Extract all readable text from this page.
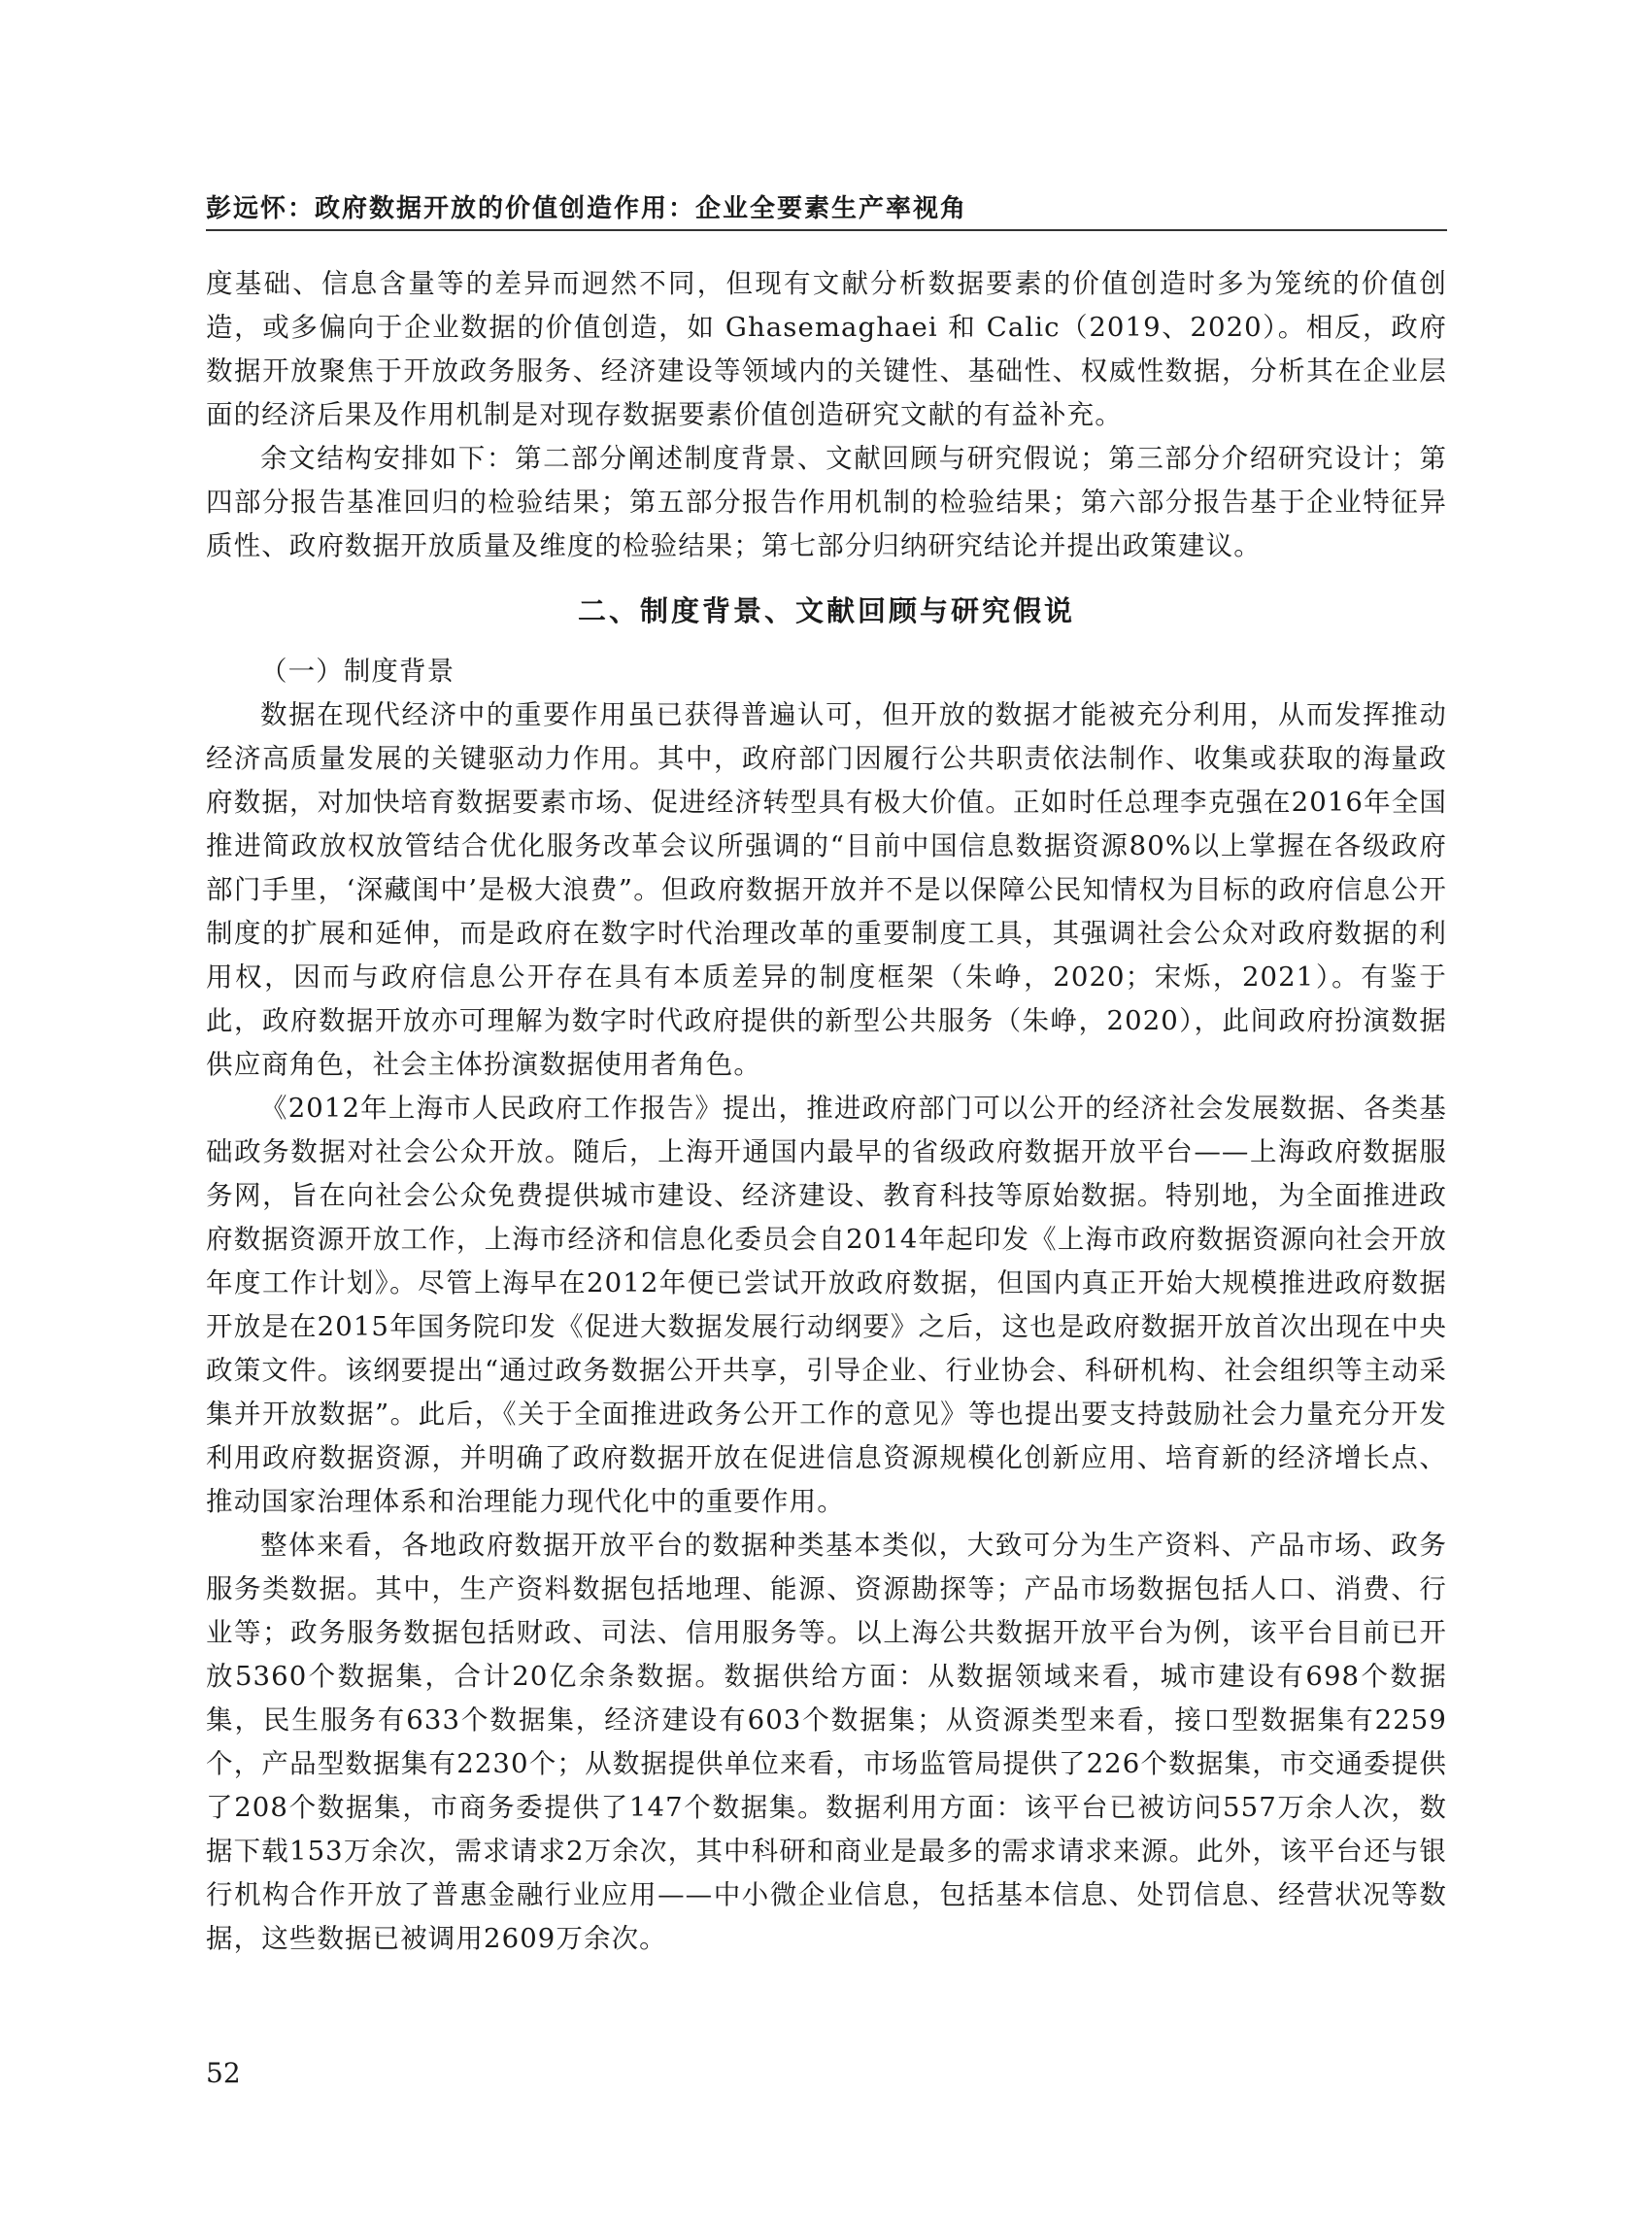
彭远怀：政府数据开放的价值创造作用：企业全要素生产率视角

度基础、信息含量等的差异而迥然不同，但现有文献分析数据要素的价值创造时多为笼统的价值创造，或多偏向于企业数据的价值创造，如 Ghasemaghaei 和 Calic（2019、2020）。相反，政府数据开放聚焦于开放政务服务、经济建设等领域内的关键性、基础性、权威性数据，分析其在企业层面的经济后果及作用机制是对现存数据要素价值创造研究文献的有益补充。

余文结构安排如下：第二部分阐述制度背景、文献回顾与研究假说；第三部分介绍研究设计；第四部分报告基准回归的检验结果；第五部分报告作用机制的检验结果；第六部分报告基于企业特征异质性、政府数据开放质量及维度的检验结果；第七部分归纳研究结论并提出政策建议。

二、制度背景、文献回顾与研究假说

（一）制度背景

数据在现代经济中的重要作用虽已获得普遍认可，但开放的数据才能被充分利用，从而发挥推动经济高质量发展的关键驱动力作用。其中，政府部门因履行公共职责依法制作、收集或获取的海量政府数据，对加快培育数据要素市场、促进经济转型具有极大价值。正如时任总理李克强在2016年全国推进简政放权放管结合优化服务改革会议所强调的“目前中国信息数据资源80%以上掌握在各级政府部门手里，‘深藏闺中’是极大浪费”。但政府数据开放并不是以保障公民知情权为目标的政府信息公开制度的扩展和延伸，而是政府在数字时代治理改革的重要制度工具，其强调社会公众对政府数据的利用权，因而与政府信息公开存在具有本质差异的制度框架（朱峥，2020；宋烁，2021）。有鉴于此，政府数据开放亦可理解为数字时代政府提供的新型公共服务（朱峥，2020），此间政府扮演数据供应商角色，社会主体扮演数据使用者角色。

《2012年上海市人民政府工作报告》提出，推进政府部门可以公开的经济社会发展数据、各类基础政务数据对社会公众开放。随后，上海开通国内最早的省级政府数据开放平台——上海政府数据服务网，旨在向社会公众免费提供城市建设、经济建设、教育科技等原始数据。特别地，为全面推进政府数据资源开放工作，上海市经济和信息化委员会自2014年起印发《上海市政府数据资源向社会开放年度工作计划》。尽管上海早在2012年便已尝试开放政府数据，但国内真正开始大规模推进政府数据开放是在2015年国务院印发《促进大数据发展行动纲要》之后，这也是政府数据开放首次出现在中央政策文件。该纲要提出“通过政务数据公开共享，引导企业、行业协会、科研机构、社会组织等主动采集并开放数据”。此后，《关于全面推进政务公开工作的意见》等也提出要支持鼓励社会力量充分开发利用政府数据资源，并明确了政府数据开放在促进信息资源规模化创新应用、培育新的经济增长点、推动国家治理体系和治理能力现代化中的重要作用。

整体来看，各地政府数据开放平台的数据种类基本类似，大致可分为生产资料、产品市场、政务服务类数据。其中，生产资料数据包括地理、能源、资源勘探等；产品市场数据包括人口、消费、行业等；政务服务数据包括财政、司法、信用服务等。以上海公共数据开放平台为例，该平台目前已开放5360个数据集，合计20亿余条数据。数据供给方面：从数据领域来看，城市建设有698个数据集，民生服务有633个数据集，经济建设有603个数据集；从资源类型来看，接口型数据集有2259个，产品型数据集有2230个；从数据提供单位来看，市场监管局提供了226个数据集，市交通委提供了208个数据集，市商务委提供了147个数据集。数据利用方面：该平台已被访问557万余人次，数据下载153万余次，需求请求2万余次，其中科研和商业是最多的需求请求来源。此外，该平台还与银行机构合作开放了普惠金融行业应用——中小微企业信息，包括基本信息、处罚信息、经营状况等数据，这些数据已被调用2609万余次。

52
